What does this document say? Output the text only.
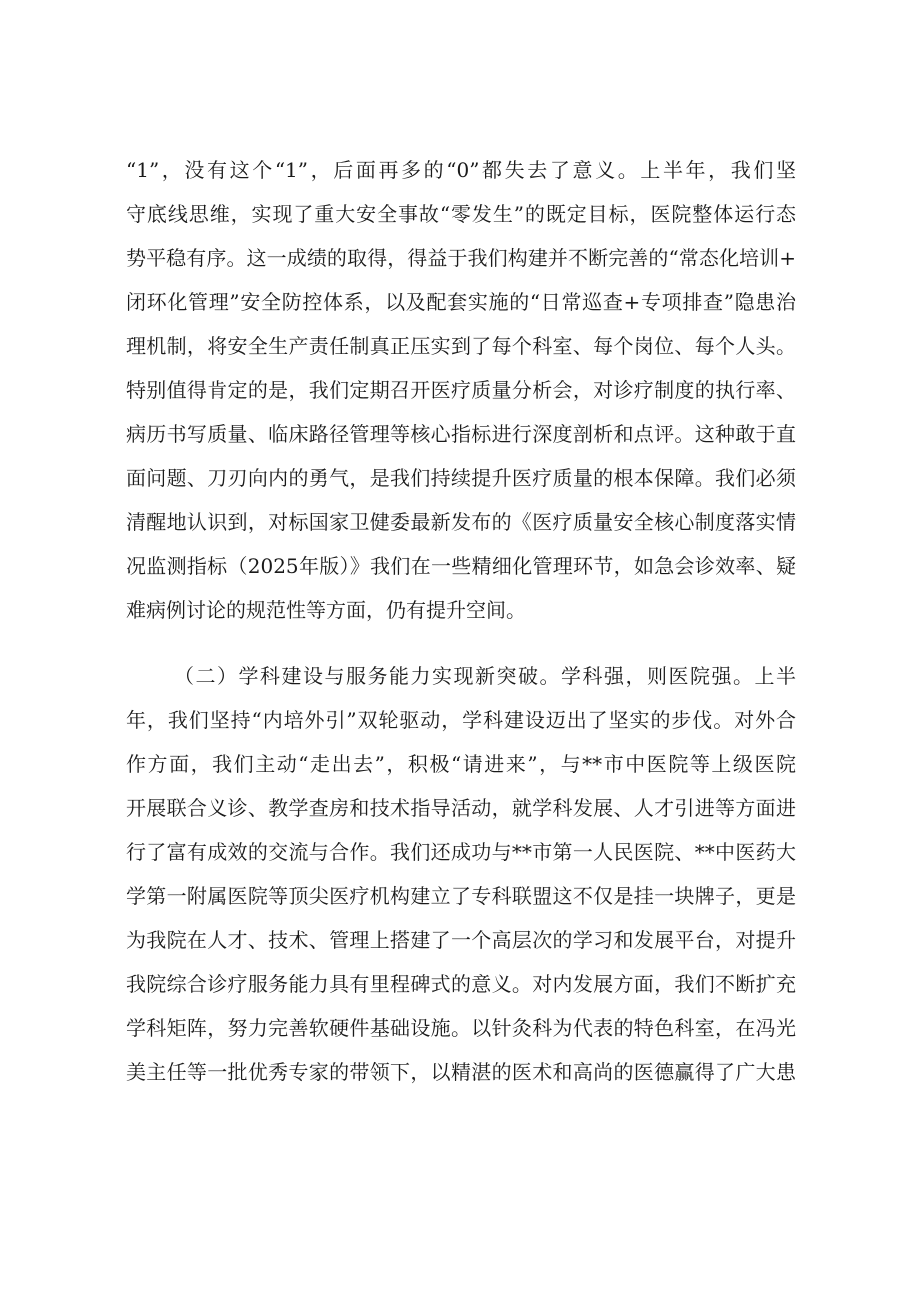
“1”，没有这个“1”，后面再多的“0”都失去了意义。上半年，我们坚
守底线思维，实现了重大安全事故“零发生”的既定目标，医院整体运行态
势平稳有序。这一成绩的取得，得益于我们构建并不断完善的“常态化培训+
闭环化管理”安全防控体系，以及配套实施的“日常巡查+专项排查”隐患治
理机制，将安全生产责任制真正压实到了每个科室、每个岗位、每个人头。
特别值得肯定的是，我们定期召开医疗质量分析会，对诊疗制度的执行率、
病历书写质量、临床路径管理等核心指标进行深度剖析和点评。这种敢于直
面问题、刀刃向内的勇气，是我们持续提升医疗质量的根本保障。我们必须
清醒地认识到，对标国家卫健委最新发布的《医疗质量安全核心制度落实情
况监测指标（2025年版）》我们在一些精细化管理环节，如急会诊效率、疑
难病例讨论的规范性等方面，仍有提升空间。
（二）学科建设与服务能力实现新突破。学科强，则医院强。上半
年，我们坚持“内培外引”双轮驱动，学科建设迈出了坚实的步伐。对外合
作方面，我们主动“走出去”，积极“请进来”，与**市中医院等上级医院
开展联合义诊、教学查房和技术指导活动，就学科发展、人才引进等方面进
行了富有成效的交流与合作。我们还成功与**市第一人民医院、**中医药大
学第一附属医院等顶尖医疗机构建立了专科联盟这不仅是挂一块牌子，更是
为我院在人才、技术、管理上搭建了一个高层次的学习和发展平台，对提升
我院综合诊疗服务能力具有里程碑式的意义。对内发展方面，我们不断扩充
学科矩阵，努力完善软硬件基础设施。以针灸科为代表的特色科室，在冯光
美主任等一批优秀专家的带领下，以精湛的医术和高尚的医德赢得了广大患
